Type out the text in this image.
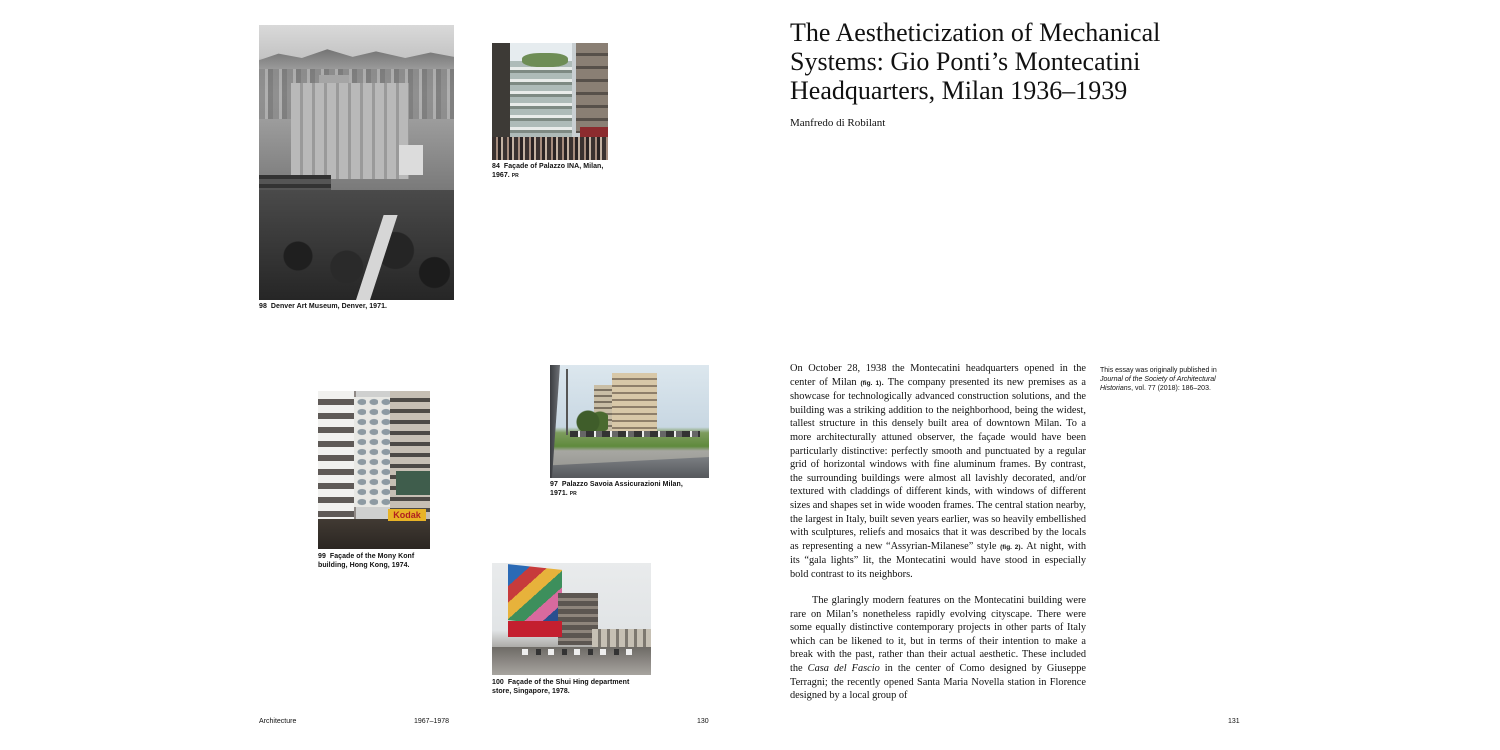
98 Denver Art Museum, Denver, 1971.
84 Façade of Palazzo INA, Milan, 1967. PR
97 Palazzo Savoia Assicurazioni Milan, 1971. PR
Kodak
99 Façade of the Mony Konf building, Hong Kong, 1974.
100 Façade of the Shui Hing department store, Singapore, 1978.
Architecture	1967–1978	130
The Aestheticization of Mechanical Systems: Gio Ponti’s Montecatini Headquarters, Milan 1936–1939
Manfredo di Robilant

On October 28, 1938 the Montecatini headquarters opened in the center of Milan (fig. 1). The company presented its new premises as a showcase for technologically advanced construction solutions, and the building was a striking addition to the neighborhood, being the widest, tallest structure in this densely built area of downtown Milan. To a more architecturally attuned observer, the façade would have been particularly distinctive: perfectly smooth and punctuated by a regular grid of horizontal windows with fine aluminum frames. By contrast, the surrounding buildings were almost all lavishly decorated, and/or textured with claddings of different kinds, with windows of different sizes and shapes set in wide wooden frames. The central station nearby, the largest in Italy, built seven years earlier, was so heavily embellished with sculptures, reliefs and mosaics that it was described by the locals as representing a new “Assyrian-Milanese” style (fig. 2). At night, with its “gala lights” lit, the Montecatini would have stood in especially bold contrast to its neighbors.

The glaringly modern features on the Montecatini building were rare on Milan’s nonetheless rapidly evolving cityscape. There were some equally distinctive contemporary projects in other parts of Italy which can be likened to it, but in terms of their intention to make a break with the past, rather than their actual aesthetic. These included the Casa del Fascio in the center of Como designed by Giuseppe Terragni; the recently opened Santa Maria Novella station in Florence designed by a local group of

This essay was originally published in Journal of the Society of Architectural Historians, vol. 77 (2018): 186–203.
131
